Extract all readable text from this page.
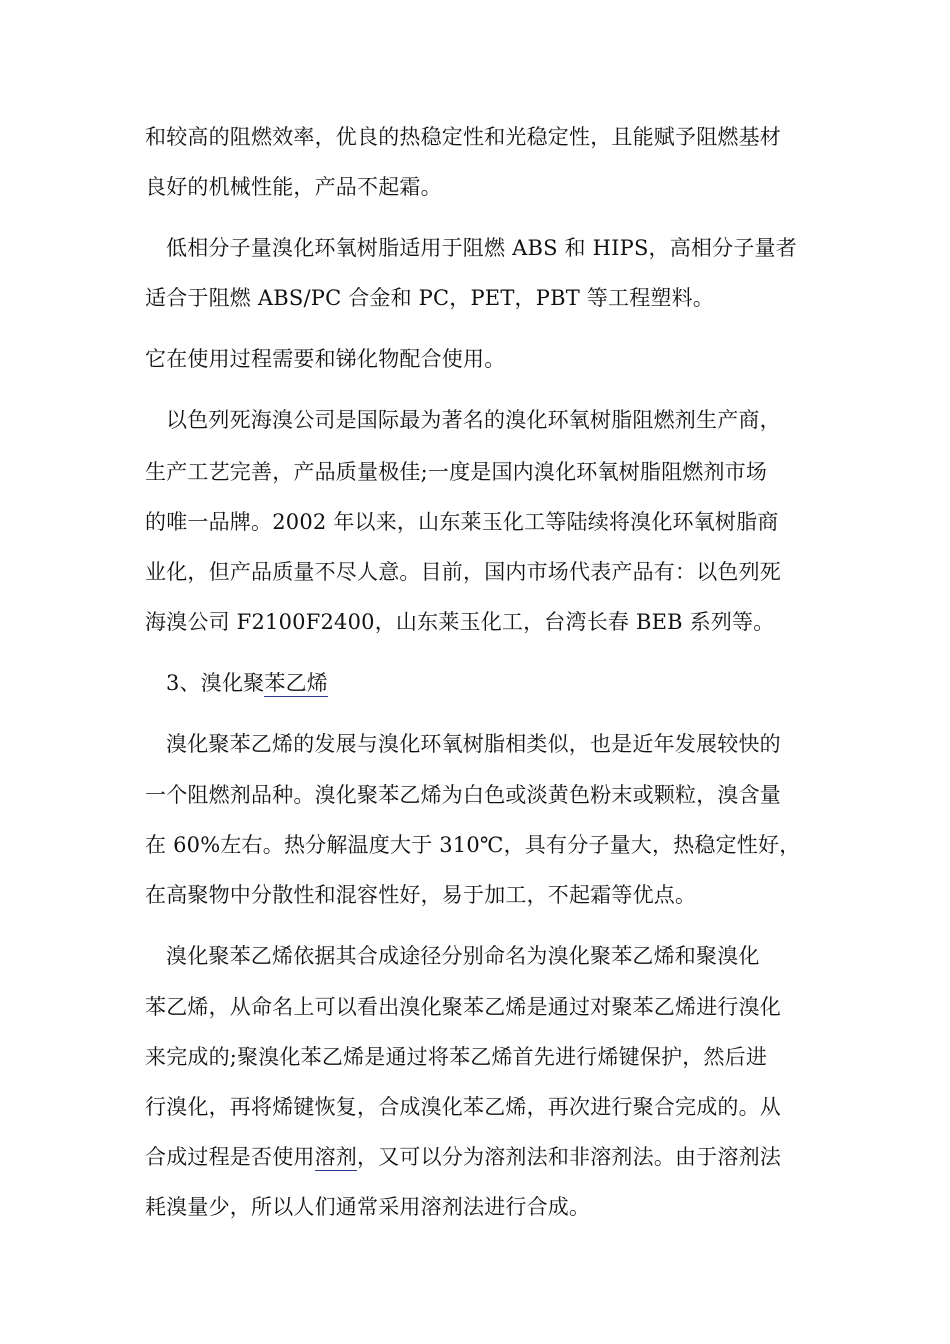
和较高的阻燃效率，优良的热稳定性和光稳定性，且能赋予阻燃基材
良好的机械性能，产品不起霜。
低相分子量溴化环氧树脂适用于阻燃 ABS 和 HIPS，高相分子量者
适合于阻燃 ABS/PC 合金和 PC，PET，PBT 等工程塑料。
它在使用过程需要和锑化物配合使用。
以色列死海溴公司是国际最为著名的溴化环氧树脂阻燃剂生产商，
生产工艺完善，产品质量极佳;一度是国内溴化环氧树脂阻燃剂市场
的唯一品牌。2002 年以来，山东莱玉化工等陆续将溴化环氧树脂商
业化，但产品质量不尽人意。目前，国内市场代表产品有：以色列死
海溴公司 F2100F2400，山东莱玉化工，台湾长春 BEB 系列等。
3、溴化聚苯乙烯
溴化聚苯乙烯的发展与溴化环氧树脂相类似，也是近年发展较快的
一个阻燃剂品种。溴化聚苯乙烯为白色或淡黄色粉末或颗粒，溴含量
在 60%左右。热分解温度大于 310℃，具有分子量大，热稳定性好，
在高聚物中分散性和混容性好，易于加工，不起霜等优点。
溴化聚苯乙烯依据其合成途径分别命名为溴化聚苯乙烯和聚溴化
苯乙烯，从命名上可以看出溴化聚苯乙烯是通过对聚苯乙烯进行溴化
来完成的;聚溴化苯乙烯是通过将苯乙烯首先进行烯键保护，然后进
行溴化，再将烯键恢复，合成溴化苯乙烯，再次进行聚合完成的。从
合成过程是否使用溶剂，又可以分为溶剂法和非溶剂法。由于溶剂法
耗溴量少，所以人们通常采用溶剂法进行合成。
